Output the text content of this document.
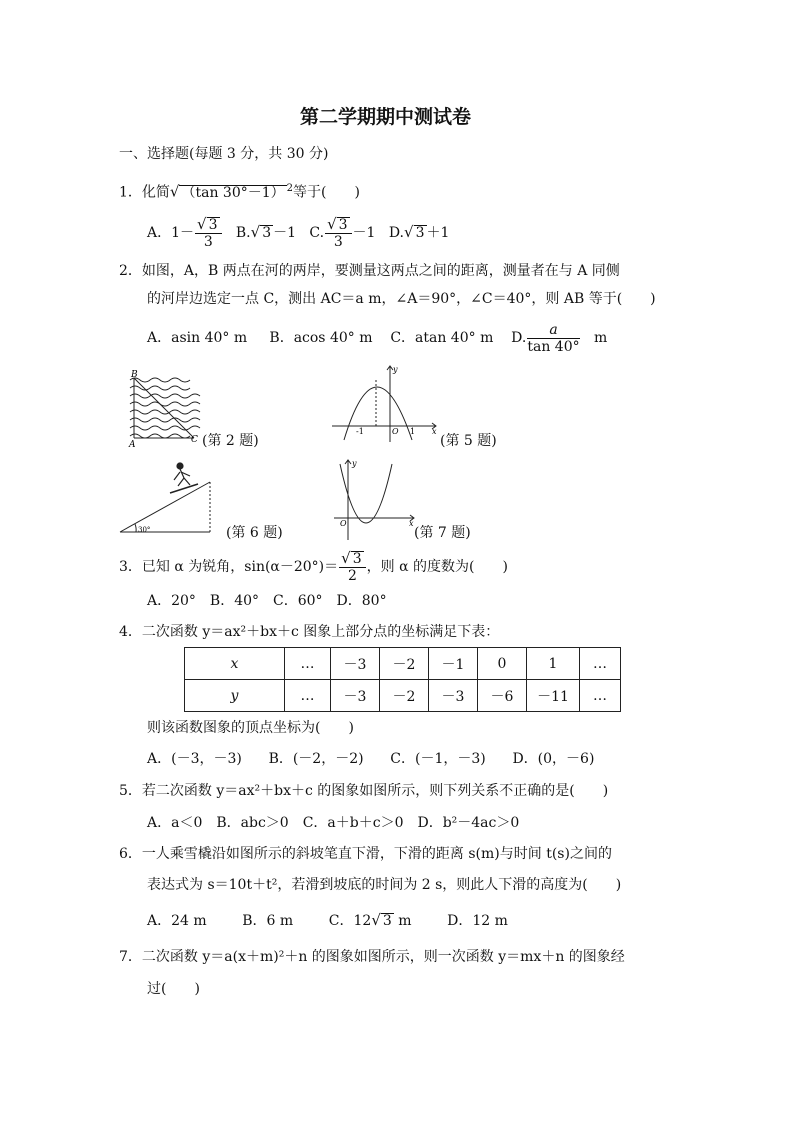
第二学期期中测试卷
一、选择题(每题 3 分，共 30 分)
1．化简√ （tan 30°－1） $^2$等于(　　)
A．$1- \frac{√ 3}{3} B.√$ 3 －1 C. $\frac{√ 3}{3} -1$ D.√ 3 ＋1
2．如图，A，B 两点在河的两岸，要测量这两点之间的距离，测量者在与 A 同侧
的河岸边选定一点 C，测出 AC＝a m，∠A＝90°，∠C＝40°，则 AB 等于(　　)
A．asin 40° m B．acos 40° m C．atan 40° m D. $\frac{a}{\tan 40^\circ}$ m
B
A	C (第 2 题)
y
x
O
-1	1
(第 5 题)
30°	(第 6 题)
y
x
O
(第 7 题)
3．已知 α 为锐角，$\sin(\alpha-20^\circ)= \frac{√ 3}{2}$ ，则 α 的度数为(　　)
A．20°　B．40°　C．60°　D．80°
4．二次函数 y＝ax²＋bx＋c 图象上部分点的坐标满足下表：
x	…	－3	－2	－1	0	1	…
y	…	－3	－2	－3	－6	－11	…
则该函数图象的顶点坐标为(　　)
A．(－3，－3) B．(－2，－2) C．(－1，－3) D．(0，－6)
5．若二次函数 y＝ax²＋bx＋c 的图象如图所示，则下列关系不正确的是(　　)
A．a＜0　B．abc＞0　C．a＋b＋c＞0　D．b²－4ac＞0
6．一人乘雪橇沿如图所示的斜坡笔直下滑，下滑的距离 s(m)与时间 t(s)之间的
表达式为 s＝10t＋t²，若滑到坡底的时间为 2 s，则此人下滑的高度为(　　)
A．24 m	B．6 m	C．12√ 3 m	D．12 m
7．二次函数 y＝a(x＋m)²＋n 的图象如图所示，则一次函数 y＝mx＋n 的图象经
过(　　)
